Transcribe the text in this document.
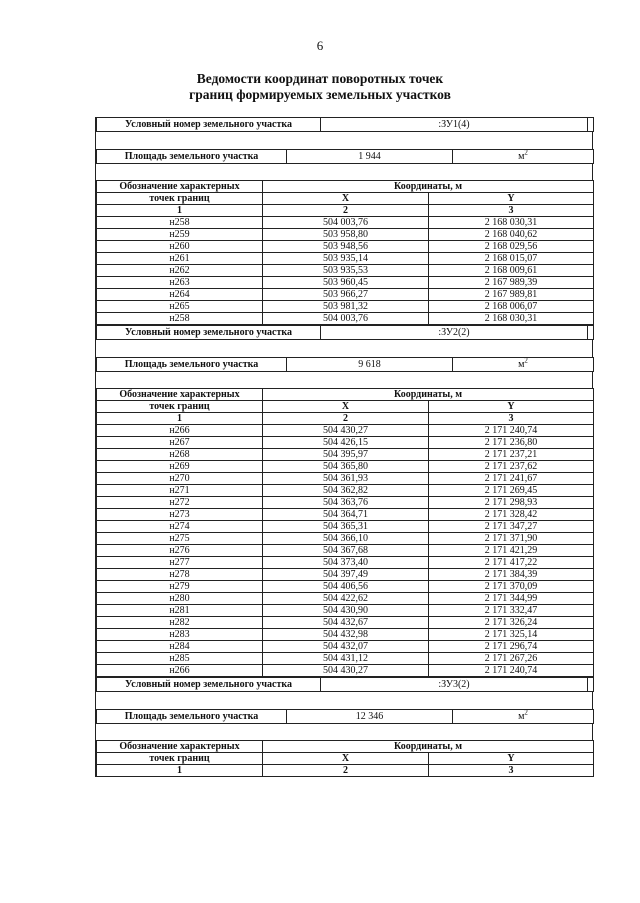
6
Ведомости координат поворотных точек
границ формируемых земельных участков
Условный номер земельного участка	:ЗУ1(4)	
Площадь земельного участка	1 944	$м^2$
Обозначение характерных	Координаты, м	
точек границ	X	Y
1	2	3
н258	504 003,76	2 168 030,31
н259	503 958,80	2 168 040,62
н260	503 948,56	2 168 029,56
н261	503 935,14	2 168 015,07
н262	503 935,53	2 168 009,61
н263	503 960,45	2 167 989,39
н264	503 966,27	2 167 989,81
н265	503 981,32	2 168 006,07
н258	504 003,76	2 168 030,31
Условный номер земельного участка	:ЗУ2(2)	
Площадь земельного участка	9 618	$м^2$
Обозначение характерных	Координаты, м	
точек границ	X	Y
1	2	3
н266	504 430,27	2 171 240,74
н267	504 426,15	2 171 236,80
н268	504 395,97	2 171 237,21
н269	504 365,80	2 171 237,62
н270	504 361,93	2 171 241,67
н271	504 362,82	2 171 269,45
н272	504 363,76	2 171 298,93
н273	504 364,71	2 171 328,42
н274	504 365,31	2 171 347,27
н275	504 366,10	2 171 371,90
н276	504 367,68	2 171 421,29
н277	504 373,40	2 171 417,22
н278	504 397,49	2 171 384,39
н279	504 406,56	2 171 370,09
н280	504 422,62	2 171 344,99
н281	504 430,90	2 171 332,47
н282	504 432,67	2 171 326,24
н283	504 432,98	2 171 325,14
н284	504 432,07	2 171 296,74
н285	504 431,12	2 171 267,26
н266	504 430,27	2 171 240,74
Условный номер земельного участка	:ЗУ3(2)	
Площадь земельного участка	12 346	$м^2$
Обозначение характерных	Координаты, м	
точек границ	X	Y
1	2	3
